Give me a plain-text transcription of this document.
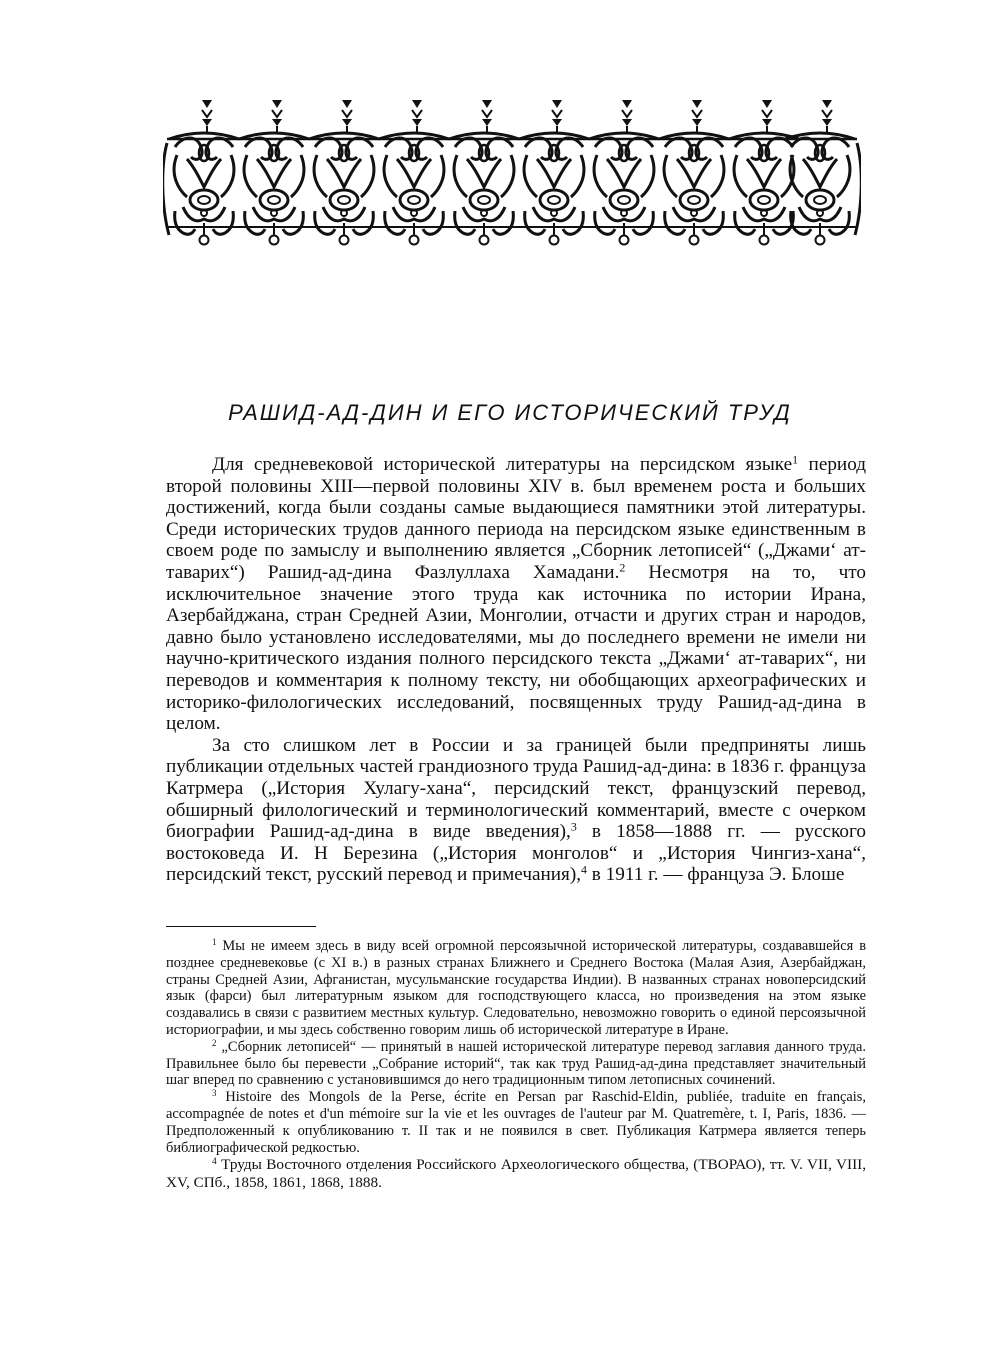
РАШИД-АД-ДИН И ЕГО ИСТОРИЧЕСКИЙ ТРУД

Для средневековой исторической литературы на персидском языке$^1$ период второй половины XIII—первой половины XIV в. был временем роста и больших достижений, когда были созданы самые выдающиеся памятники этой литературы. Среди исторических трудов данного периода на персидском языке единственным в своем роде по замыслу и выполнению является „Сборник летописей“ („Джами‘ ат-таварих“) Рашид-ад-дина Фазлуллаха Хамадани.$^2$ Несмотря на то, что исключительное значение этого труда как источника по истории Ирана, Азербайджана, стран Средней Азии, Монголии, отчасти и других стран и народов, давно было установлено исследователями, мы до последнего времени не имели ни научно-критического издания полного персидского текста „Джами‘ ат-таварих“, ни переводов и комментария к полному тексту, ни обобщающих археографических и историко-филологических исследований, посвященных труду Рашид-ад-дина в целом.

За сто слишком лет в России и за границей были предприняты лишь публикации отдельных частей грандиозного труда Рашид-ад-дина: в 1836 г. француза Катрмера („История Хулагу-хана“, персидский текст, французский перевод, обширный филологический и терминологический комментарий, вместе с очерком биографии Рашид-ад-дина в виде введения),$^3$ в 1858—1888 гг. — русского востоковеда И. Н Березина („История монголов“ и „История Чингиз-хана“, персидский текст, русский перевод и примечания),$^4$ в 1911 г. — француза Э. Блоше

$^1$ Мы не имеем здесь в виду всей огромной персоязычной исторической литературы, создававшейся в позднее средневековье (с XI в.) в разных странах Ближнего и Среднего Востока (Малая Азия, Азербайджан, страны Средней Азии, Афганистан, мусульманские государства Индии). В названных странах новоперсидский язык (фарси) был литературным языком для господствующего класса, но произведения на этом языке создавались в связи с развитием местных культур. Следовательно, невозможно говорить о единой персоязычной историографии, и мы здесь собственно говорим лишь об исторической литературе в Иране.

$^2$ „Сборник летописей“ — принятый в нашей исторической литературе перевод заглавия данного труда. Правильнее было бы перевести „Собрание историй“, так как труд Рашид-ад-дина представляет значительный шаг вперед по сравнению с установившимся до него традиционным типом летописных сочинений.

$^3$ Histoire des Mongols de la Perse, écrite en Persan par Raschid-Eldin, publiée, traduite en français, accompagnée de notes et d'un mémoire sur la vie et les ouvrages de l'auteur par M. Quatremère, t. I, Paris, 1836. — Предположенный к опубликованию т. II так и не появился в свет. Публикация Катрмера является теперь библиографической редкостью.

$^4$ Труды Восточного отделения Российского Археологического общества, (ТВОРАО), тт. V. VII, VIII, XV, СПб., 1858, 1861, 1868, 1888.
